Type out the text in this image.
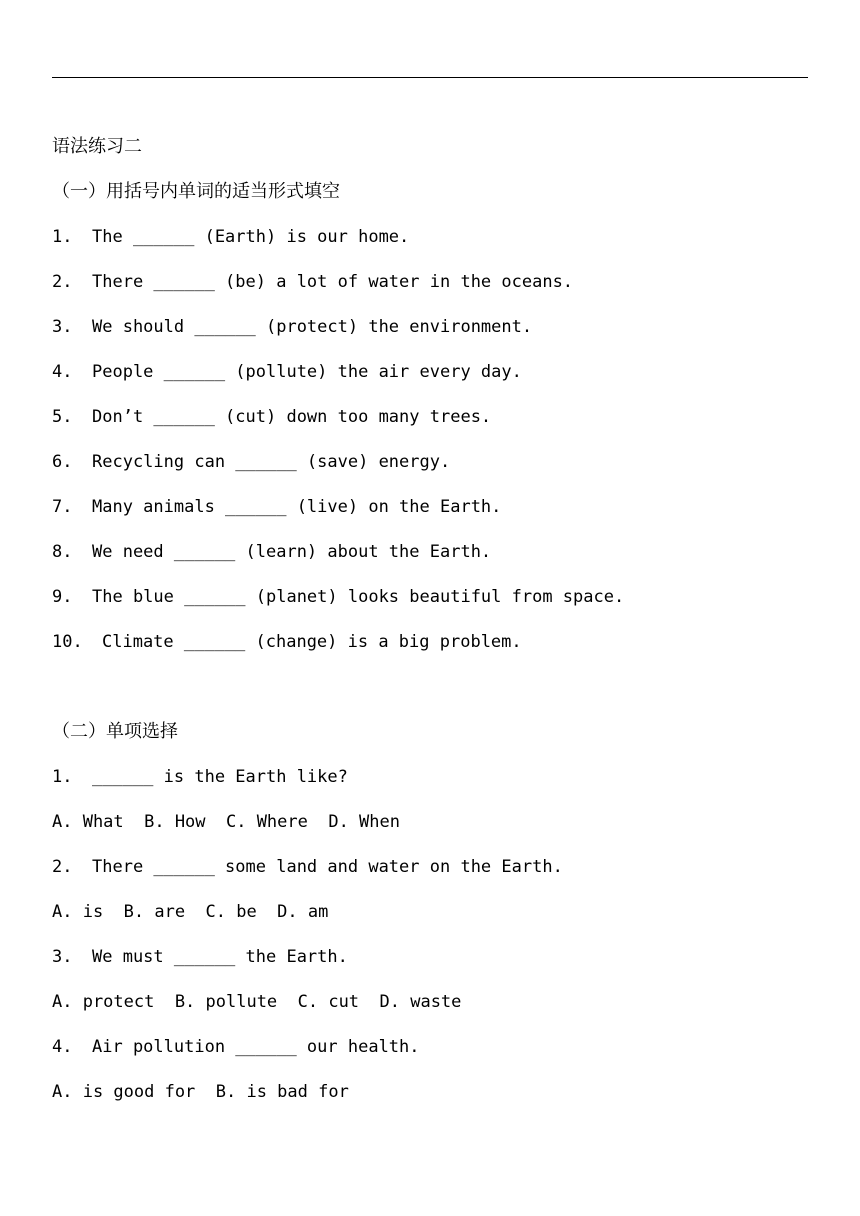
语法练习二
（一）用括号内单词的适当形式填空
1. The ______ (Earth) is our home.
2. There ______ (be) a lot of water in the oceans.
3. We should ______ (protect) the environment.
4. People ______ (pollute) the air every day.
5. Don’t ______ (cut) down too many trees.
6. Recycling can ______ (save) energy.
7. Many animals ______ (live) on the Earth.
8. We need ______ (learn) about the Earth.
9. The blue ______ (planet) looks beautiful from space.
10. Climate ______ (change) is a big problem.
（二）单项选择
1. ______ is the Earth like?
A. What  B. How  C. Where  D. When
2. There ______ some land and water on the Earth.
A. is  B. are  C. be  D. am
3. We must ______ the Earth.
A. protect  B. pollute  C. cut  D. waste
4. Air pollution ______ our health.
A. is good for  B. is bad for
